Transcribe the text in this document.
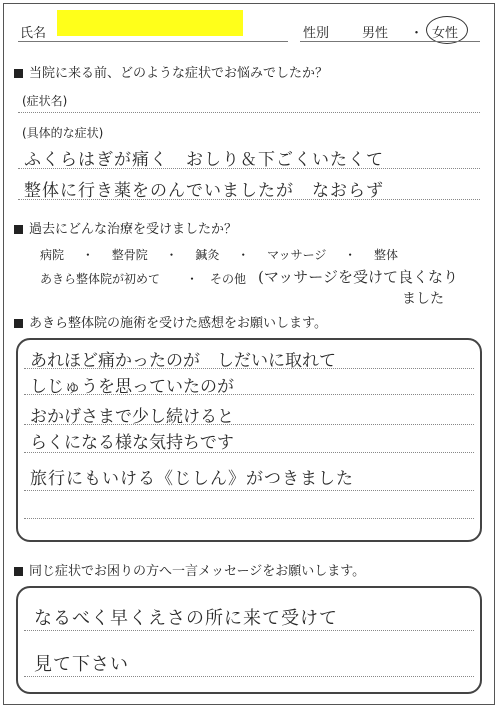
氏名	性別	男性 ・ 女性
当院に来る前、どのような症状でお悩みでしたか？
(症状名)
(具体的な症状)
ふくらはぎが痛く　おしり＆下ごくいたくて
整体に行き薬をのんでいましたが　なおらず
過去にどんな治療を受けましたか？
病院 ・ 整骨院 ・ 鍼灸 ・ マッサージ ・ 整体
あきら整体院が初めて ・ その他 (マッサージを受けて良くなり
ました
あきら整体院の施術を受けた感想をお願いします。
あれほど痛かったのが　しだいに取れて
しじゅうを思っていたのが
おかげさまで少し続けると
らくになる様な気持ちです
旅行にもいける《じしん》がつきました
同じ症状でお困りの方へ一言メッセージをお願いします。
なるべく早くえさの所に来て受けて
見て下さい
